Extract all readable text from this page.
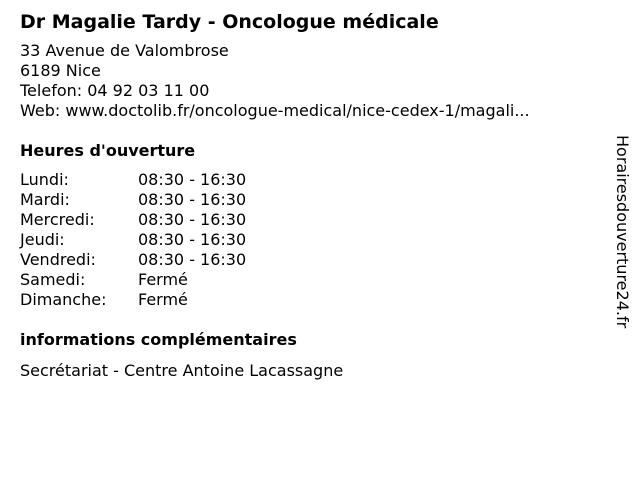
Dr Magalie Tardy - Oncologue médicale
33 Avenue de Valombrose
6189 Nice
Telefon: 04 92 03 11 00
Web: www.doctolib.fr/oncologue-medical/nice-cedex-1/magali...
Heures d'ouverture
Lundi:	08:30 - 16:30
Mardi:	08:30 - 16:30
Mercredi:	08:30 - 16:30
Jeudi:	08:30 - 16:30
Vendredi:	08:30 - 16:30
Samedi:	Fermé
Dimanche:	Fermé
informations complémentaires
Secrétariat - Centre Antoine Lacassagne
Horairesdouverture24.fr
